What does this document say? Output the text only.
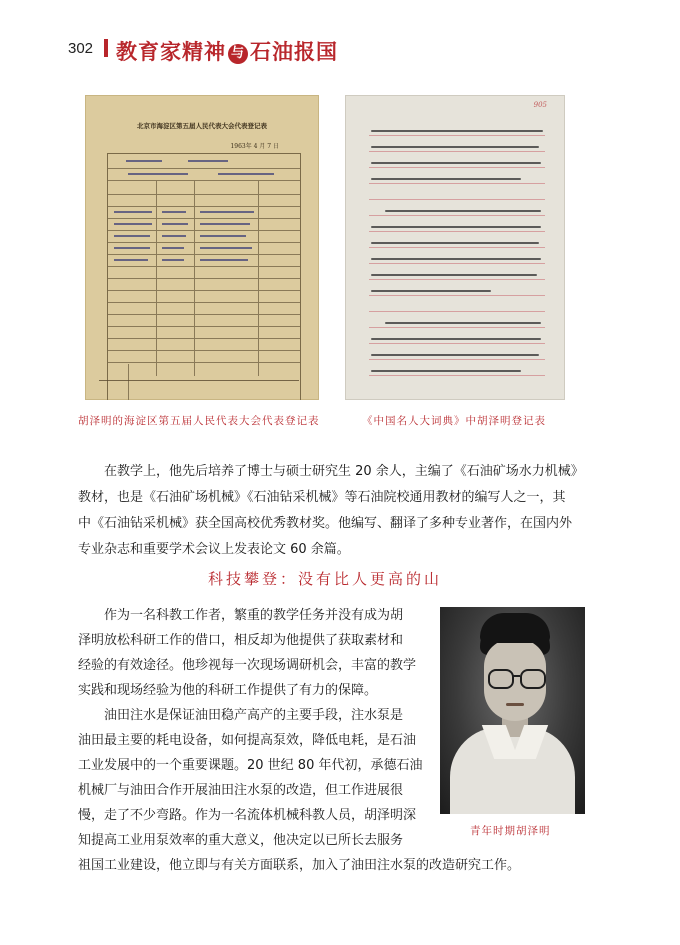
302 教育家精神 与 石油报国
北京市海淀区第五届人民代表大会代表登记表
1963年 4 月 7 日
905
胡泽明的海淀区第五届人民代表大会代表登记表	《中国名人大词典》中胡泽明登记表
在教学上，他先后培养了博士与硕士研究生 20 余人，主编了《石油矿场水力机械》
教材，也是《石油矿场机械》《石油钻采机械》等石油院校通用教材的编写人之一，其
中《石油钻采机械》获全国高校优秀教材奖。他编写、翻译了多种专业著作，在国内外
专业杂志和重要学术会议上发表论文 60 余篇。
科技攀登：没有比人更高的山
作为一名科教工作者，繁重的教学任务并没有成为胡
泽明放松科研工作的借口，相反却为他提供了获取素材和
经验的有效途径。他珍视每一次现场调研机会，丰富的教学
实践和现场经验为他的科研工作提供了有力的保障。
油田注水是保证油田稳产高产的主要手段，注水泵是
油田最主要的耗电设备，如何提高泵效，降低电耗，是石油
工业发展中的一个重要课题。20 世纪 80 年代初，承德石油
机械厂与油田合作开展油田注水泵的改造，但工作进展很
慢，走了不少弯路。作为一名流体机械科教人员，胡泽明深
知提高工业用泵效率的重大意义，他决定以已所长去服务
祖国工业建设，他立即与有关方面联系，加入了油田注水泵的改造研究工作。
青年时期胡泽明
